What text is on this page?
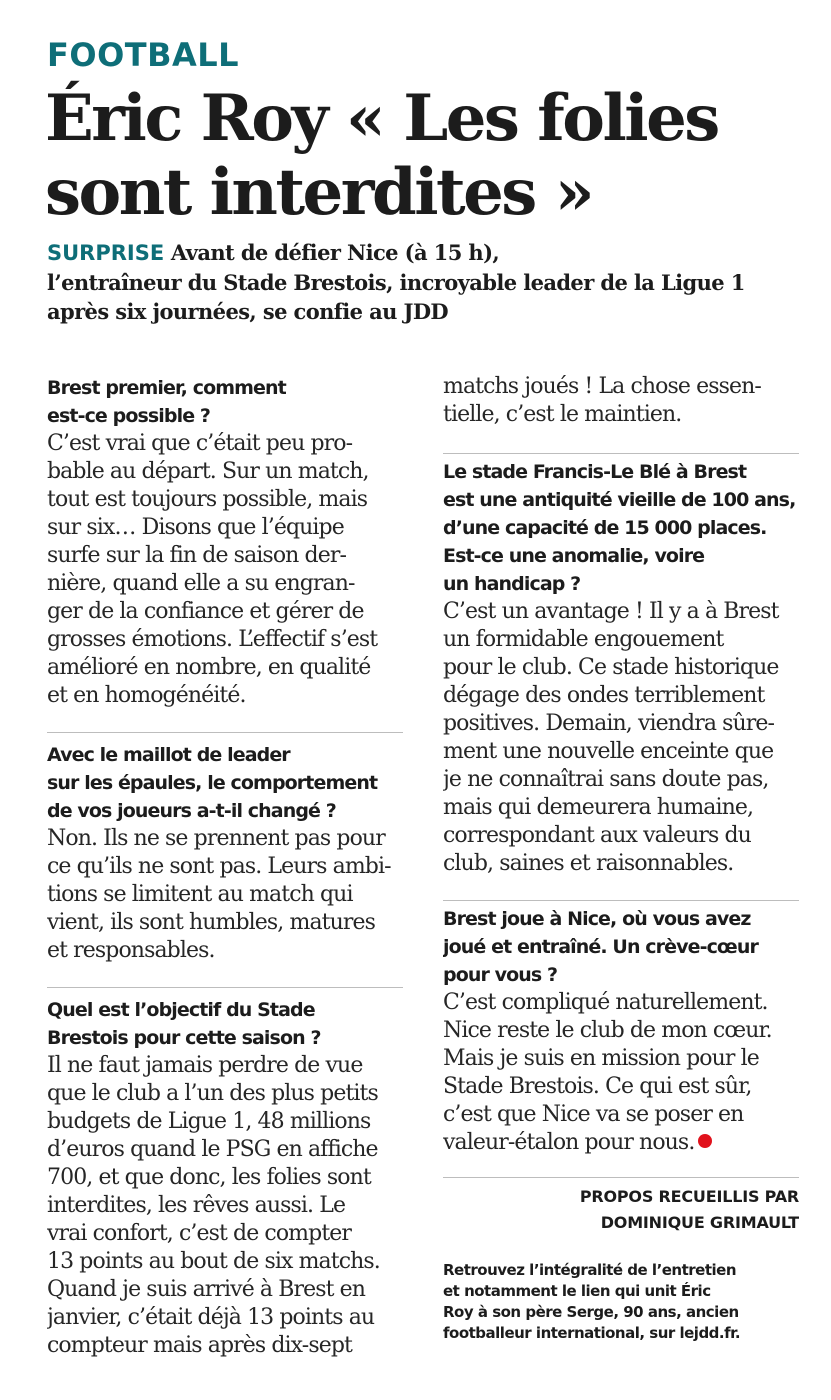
FOOTBALL
Éric Roy « Les folies
sont interdites »
SURPRISE Avant de défier Nice (à 15 h),
l’entraîneur du Stade Brestois, incroyable leader de la Ligue 1
après six journées, se confie au JDD
Brest premier, comment
est-ce possible ?
C’est vrai que c’était peu pro-
bable au départ. Sur un match,
tout est toujours possible, mais
sur six… Disons que l’équipe
surfe sur la fin de saison der-
nière, quand elle a su engran-
ger de la confiance et gérer de
grosses émotions. L’effectif s’est
amélioré en nombre, en qualité
et en homogénéité.
Avec le maillot de leader
sur les épaules, le comportement
de vos joueurs a-t-il changé ?
Non. Ils ne se prennent pas pour
ce qu’ils ne sont pas. Leurs ambi-
tions se limitent au match qui
vient, ils sont humbles, matures
et responsables.
Quel est l’objectif du Stade
Brestois pour cette saison ?
Il ne faut jamais perdre de vue
que le club a l’un des plus petits
budgets de Ligue 1, 48 millions
d’euros quand le PSG en affiche
700, et que donc, les folies sont
interdites, les rêves aussi. Le
vrai confort, c’est de compter
13 points au bout de six matchs.
Quand je suis arrivé à Brest en
janvier, c’était déjà 13 points au
compteur mais après dix-sept
matchs joués ! La chose essen-
tielle, c’est le maintien.
Le stade Francis-Le Blé à Brest
est une antiquité vieille de 100 ans,
d’une capacité de 15 000 places.
Est-ce une anomalie, voire
un handicap ?
C’est un avantage ! Il y a à Brest
un formidable engouement
pour le club. Ce stade historique
dégage des ondes terriblement
positives. Demain, viendra sûre-
ment une nouvelle enceinte que
je ne connaîtrai sans doute pas,
mais qui demeurera humaine,
correspondant aux valeurs du
club, saines et raisonnables.
Brest joue à Nice, où vous avez
joué et entraîné. Un crève-cœur
pour vous ?
C’est compliqué naturellement.
Nice reste le club de mon cœur.
Mais je suis en mission pour le
Stade Brestois. Ce qui est sûr,
c’est que Nice va se poser en
valeur-étalon pour nous.
PROPOS RECUEILLIS PAR
DOMINIQUE GRIMAULT
Retrouvez l’intégralité de l’entretien
et notamment le lien qui unit Éric
Roy à son père Serge, 90 ans, ancien
footballeur international, sur lejdd.fr.
